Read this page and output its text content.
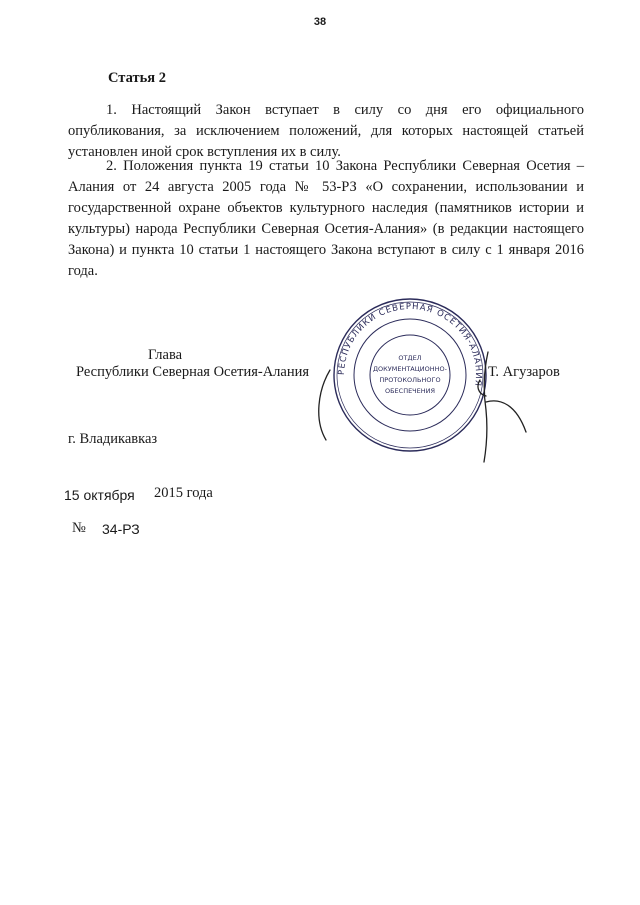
38
Статья 2
1. Настоящий Закон вступает в силу со дня его официального опубликования, за исключением положений, для которых настоящей статьей установлен иной срок вступления их в силу.
2. Положения пункта 19 статьи 10 Закона Республики Северная Осетия – Алания от 24 августа 2005 года № 53-РЗ «О сохранении, использовании и государственной охране объектов культурного наследия (памятников истории и культуры) народа Республики Северная Осетия-Алания» (в редакции настоящего Закона) и пункта 10 статьи 1 настоящего Закона вступают в силу с 1 января 2016 года.
Глава
Республики Северная Осетия-Алания	Т. Агузаров
РЕСПУБЛИКИ СЕВЕРНАЯ ОСЕТИЯ-АЛАНИЯ
ОТДЕЛ
ДОКУМЕНТАЦИОННО-
ПРОТОКОЛЬНОГО
ОБЕСПЕЧЕНИЯ
г. Владикавказ
15 октября 2015 года
№ 34-РЗ
